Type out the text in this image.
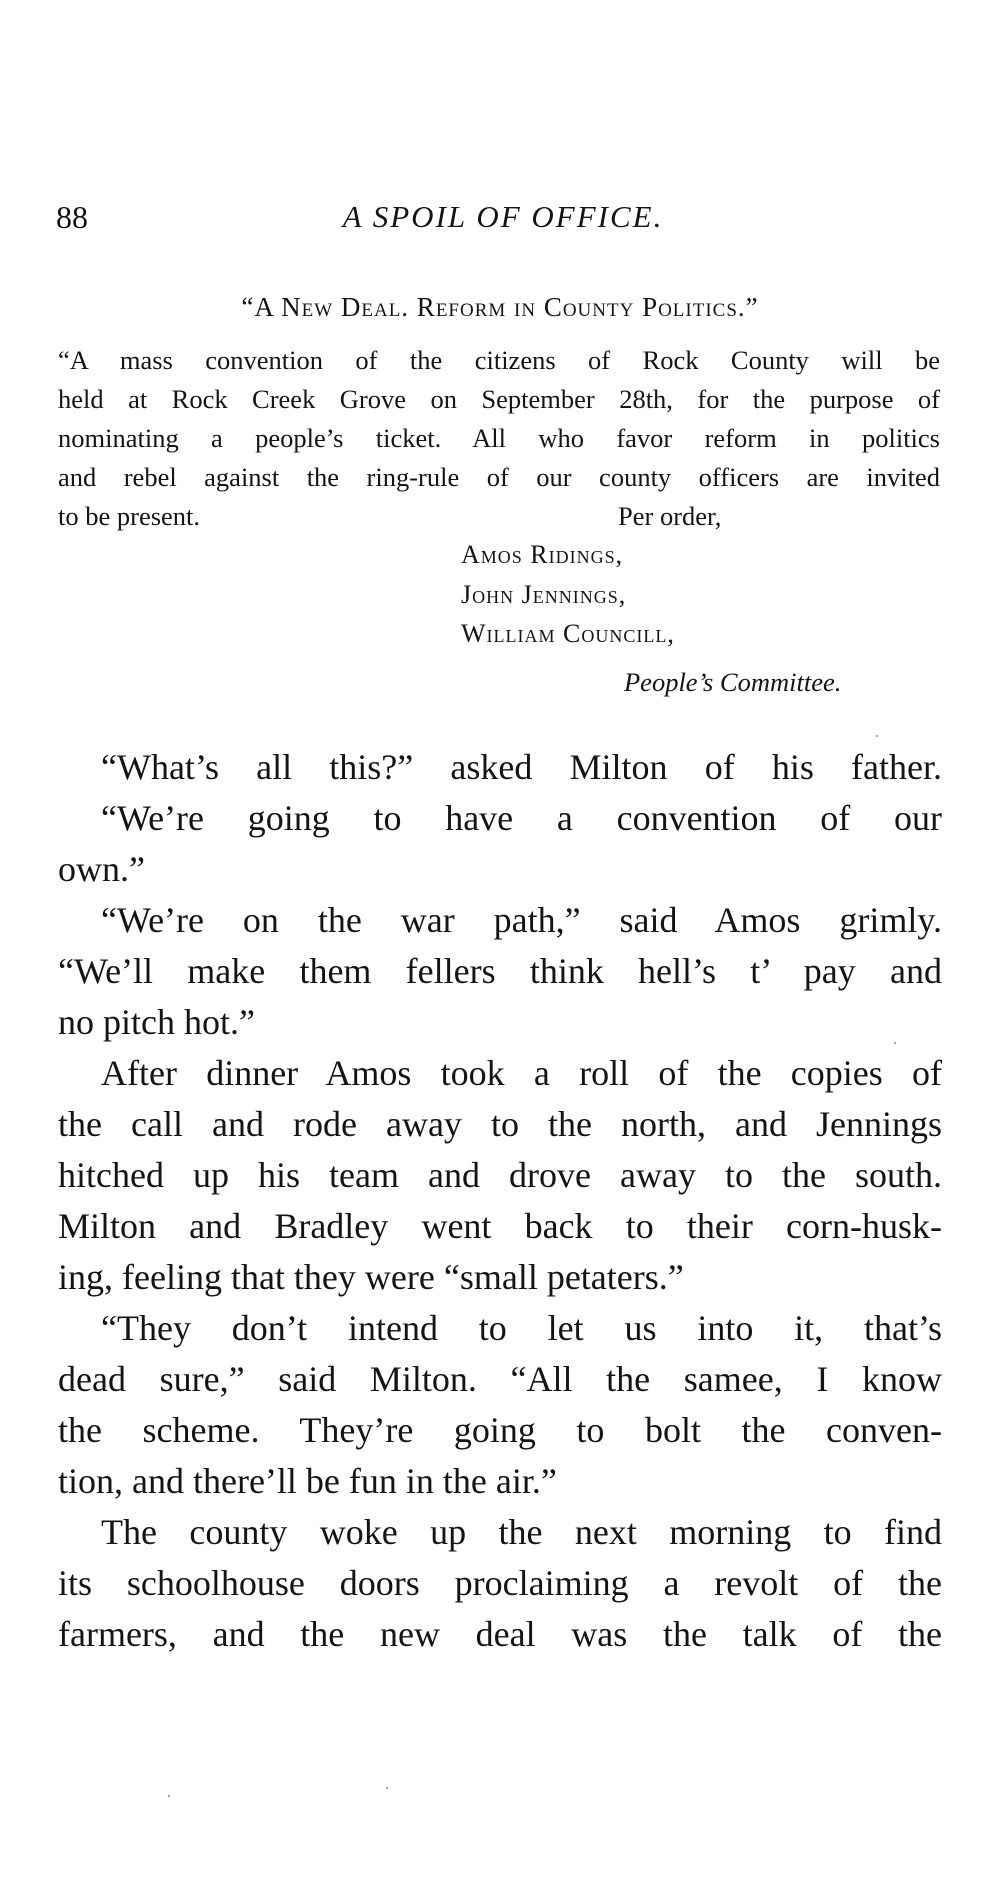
88	A SPOIL OF OFFICE.
“A New Deal. Reform in County Politics.”
“A mass convention of the citizens of Rock County will be
held at Rock Creek Grove on September 28th, for the purpose of
nominating a people’s ticket. All who favor reform in politics
and rebel against the ring-rule of our county officers are invited
to be present.	Per order,
Amos Ridings,
John Jennings,
William Councill,
People’s Committee.
“What’s all this?” asked Milton of his father.
“We’re going to have a convention of our
own.”
“We’re on the war path,” said Amos grimly.
“We’ll make them fellers think hell’s t’ pay and
no pitch hot.”
After dinner Amos took a roll of the copies of
the call and rode away to the north, and Jennings
hitched up his team and drove away to the south.
Milton and Bradley went back to their corn-husk-
ing, feeling that they were “small petaters.”
“They don’t intend to let us into it, that’s
dead sure,” said Milton. “All the samee, I know
the scheme. They’re going to bolt the conven-
tion, and there’ll be fun in the air.”
The county woke up the next morning to find
its schoolhouse doors proclaiming a revolt of the
farmers, and the new deal was the talk of the
